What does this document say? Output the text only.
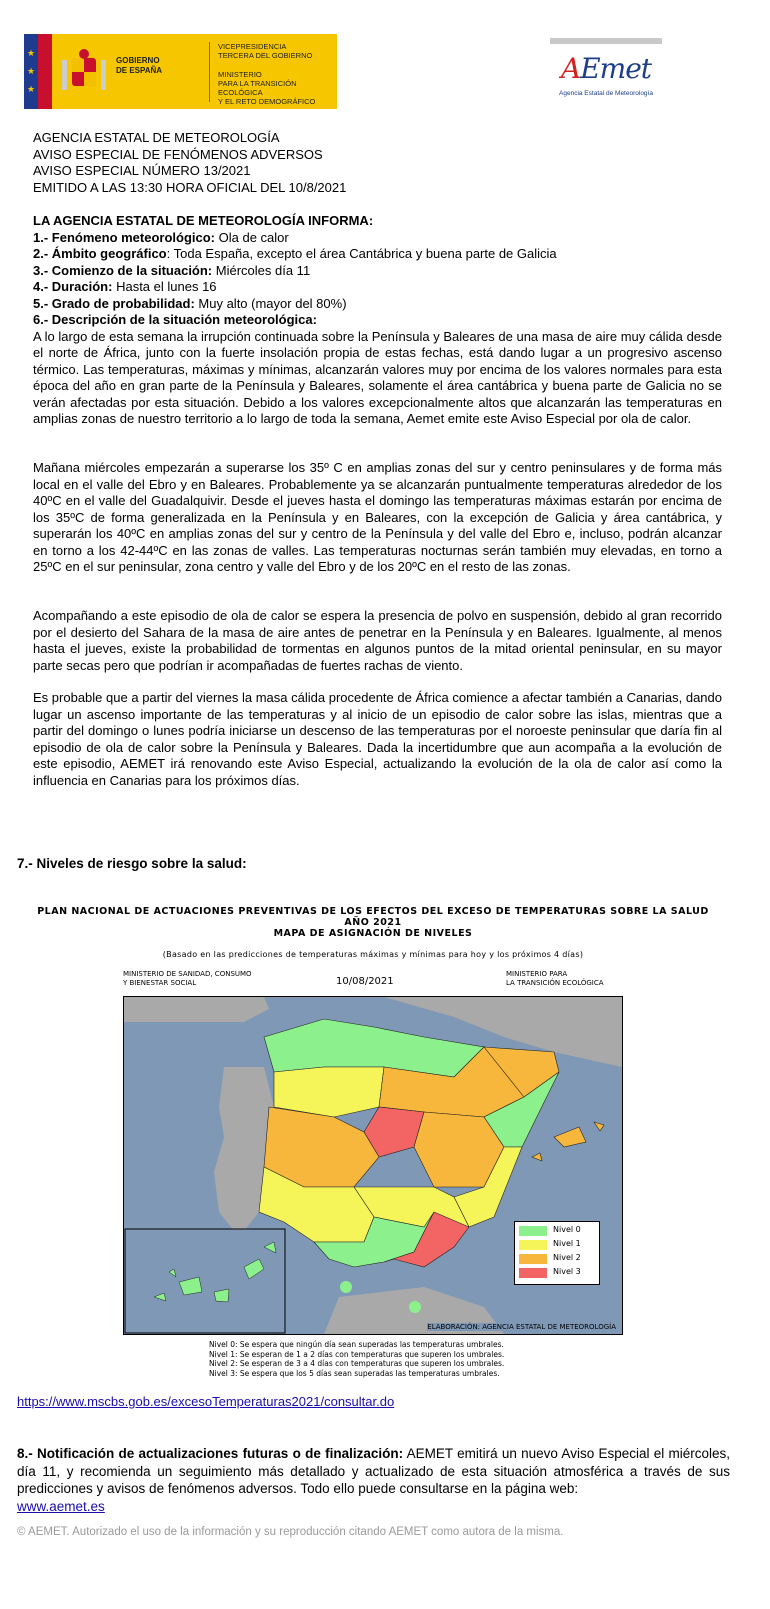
★
★
★
GOBIERNO
DE ESPAÑA
VICEPRESIDENCIA
TERCERA DEL GOBIERNO
MINISTERIO
PARA LA TRANSICIÓN ECOLÓGICA
Y EL RETO DEMOGRÁFICO
AEmet
Agencia Estatal de Meteorología
AGENCIA ESTATAL DE METEOROLOGÍA
AVISO ESPECIAL DE FENÓMENOS ADVERSOS
AVISO ESPECIAL NÚMERO 13/2021
EMITIDO A LAS 13:30 HORA OFICIAL DEL 10/8/2021
LA AGENCIA ESTATAL DE METEOROLOGÍA INFORMA:
1.- Fenómeno meteorológico: Ola de calor
2.- Ámbito geográfico: Toda España, excepto el área Cantábrica y buena parte de Galicia
3.- Comienzo de la situación: Miércoles día 11
4.- Duración: Hasta el lunes 16
5.- Grado de probabilidad: Muy alto (mayor del 80%)
6.- Descripción de la situación meteorológica:
A lo largo de esta semana la irrupción continuada sobre la Península y Baleares de una masa de aire muy cálida desde el norte de África, junto con la fuerte insolación propia de estas fechas, está dando lugar a un progresivo ascenso térmico. Las temperaturas, máximas y mínimas, alcanzarán valores muy por encima de los valores normales para esta época del año en gran parte de la Península y Baleares, solamente el área cantábrica y buena parte de Galicia no se verán afectadas por esta situación. Debido a los valores excepcionalmente altos que alcanzarán las temperaturas en amplias zonas de nuestro territorio a lo largo de toda la semana, Aemet emite este Aviso Especial por ola de calor.
Mañana miércoles empezarán a superarse los 35º C en amplias zonas del sur y centro peninsulares y de forma más local en el valle del Ebro y en Baleares. Probablemente ya se alcanzarán puntualmente temperaturas alrededor de los 40ºC en el valle del Guadalquivir. Desde el jueves hasta el domingo las temperaturas máximas estarán por encima de los 35ºC de forma generalizada en la Península y en Baleares, con la excepción de Galicia y área cantábrica, y superarán los 40ºC en amplias zonas del sur y centro de la Península y del valle del Ebro e, incluso, podrán alcanzar en torno a los 42-44ºC en las zonas de valles. Las temperaturas nocturnas serán también muy elevadas, en torno a 25ºC en el sur peninsular, zona centro y valle del Ebro y de los 20ºC en el resto de las zonas.
Acompañando a este episodio de ola de calor se espera la presencia de polvo en suspensión, debido al gran recorrido por el desierto del Sahara de la masa de aire antes de penetrar en la Península y en Baleares. Igualmente, al menos hasta el jueves, existe la probabilidad de tormentas en algunos puntos de la mitad oriental peninsular, en su mayor parte secas pero que podrían ir acompañadas de fuertes rachas de viento.
Es probable que a partir del viernes la masa cálida procedente de África comience a afectar también a Canarias, dando lugar un ascenso importante de las temperaturas y al inicio de un episodio de calor sobre las islas, mientras que a partir del domingo o lunes podría iniciarse un descenso de las temperaturas por el noroeste peninsular que daría fin al episodio de ola de calor sobre la Península y Baleares. Dada la incertidumbre que aun acompaña a la evolución de este episodio, AEMET irá renovando este Aviso Especial, actualizando la evolución de la ola de calor así como la influencia en Canarias para los próximos días.
7.- Niveles de riesgo sobre la salud:
PLAN NACIONAL DE ACTUACIONES PREVENTIVAS DE LOS EFECTOS DEL EXCESO DE TEMPERATURAS SOBRE LA SALUD
AÑO 2021
MAPA DE ASIGNACIÓN DE NIVELES
(Basado en las predicciones de temperaturas máximas y mínimas para hoy y los próximos 4 días)
MINISTERIO DE SANIDAD, CONSUMO
Y BIENESTAR SOCIAL	10/08/2021
MINISTERIO PARA
LA TRANSICIÓN ECOLÓGICA
Nivel 0
Nivel 1
Nivel 2
Nivel 3
ELABORACIÓN: AGENCIA ESTATAL DE METEOROLOGÍA
Nivel 0: Se espera que ningún día sean superadas las temperaturas umbrales.
Nivel 1: Se esperan de 1 a 2 días con temperaturas que superen los umbrales.
Nivel 2: Se esperan de 3 a 4 días con temperaturas que superen los umbrales.
Nivel 3: Se espera que los 5 días sean superadas las temperaturas umbrales.
https://www.mscbs.gob.es/excesoTemperaturas2021/consultar.do
8.- Notificación de actualizaciones futuras o de finalización: AEMET emitirá un nuevo Aviso Especial el miércoles, día 11, y recomienda un seguimiento más detallado y actualizado de esta situación atmosférica a través de sus predicciones y avisos de fenómenos adversos. Todo ello puede consultarse en la página web:
www.aemet.es
© AEMET. Autorizado el uso de la información y su reproducción citando AEMET como autora de la misma.
